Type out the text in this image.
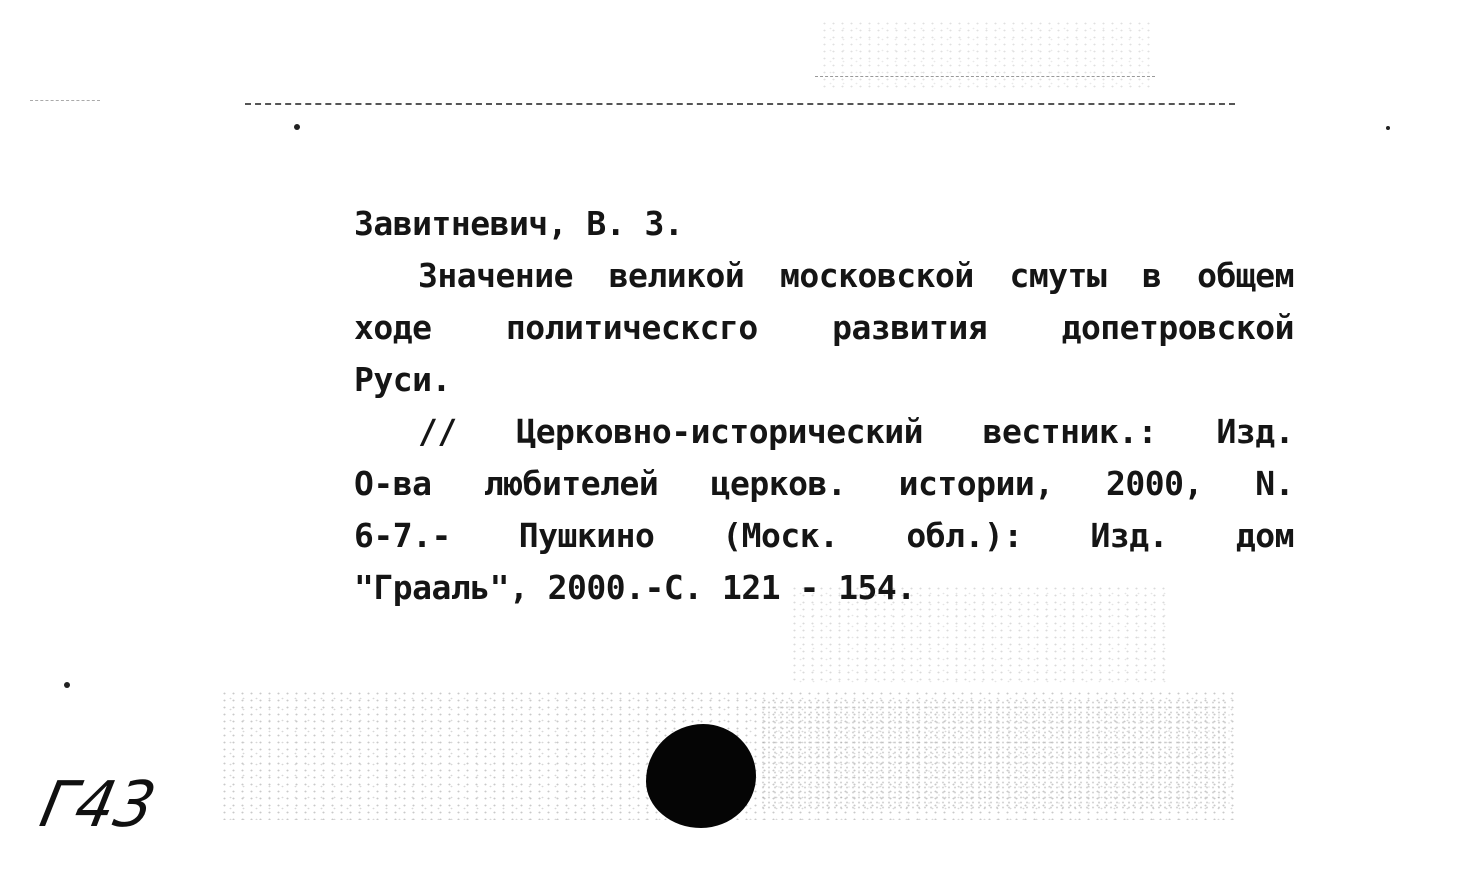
Завитневич, В. З.
Значение великой московской смуты в общем
ходе политическсго развития допетровской
Руси.
// Церковно-исторический вестник.: Изд.
О-ва любителей церков. истории, 2000, N.
6-7.- Пушкино (Моск. обл.): Изд. дом
"Грааль", 2000.-С. 121 - 154.
Г43
